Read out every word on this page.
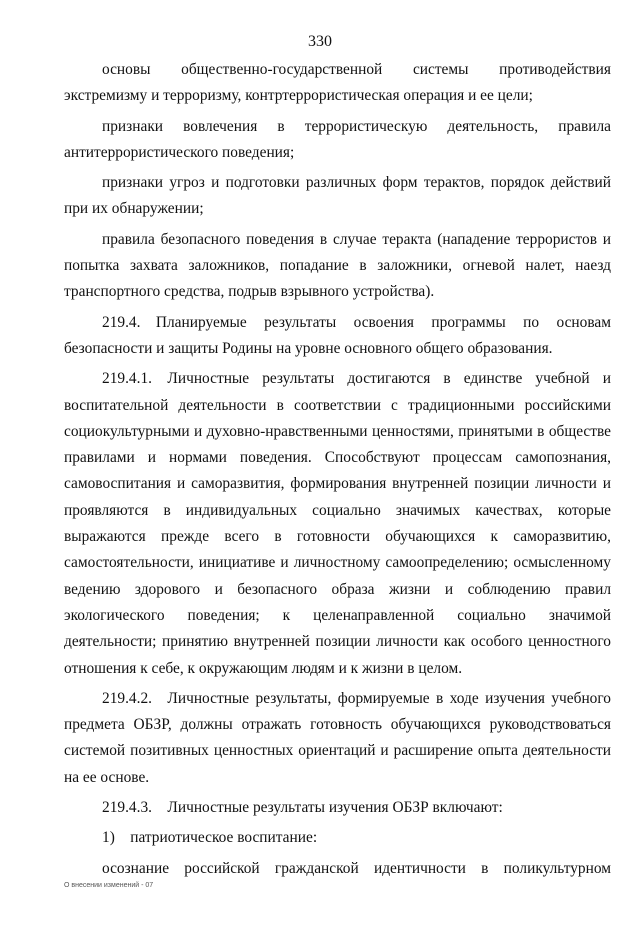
330

основы общественно-государственной системы противодействия экстремизму и терроризму, контртеррористическая операция и ее цели;

признаки вовлечения в террористическую деятельность, правила антитеррористического поведения;

признаки угроз и подготовки различных форм терактов, порядок действий при их обнаружении;

правила безопасного поведения в случае теракта (нападение террористов и попытка захвата заложников, попадание в заложники, огневой налет, наезд транспортного средства, подрыв взрывного устройства).

219.4. Планируемые результаты освоения программы по основам безопасности и защиты Родины на уровне основного общего образования.

219.4.1. Личностные результаты достигаются в единстве учебной и воспитательной деятельности в соответствии с традиционными российскими социокультурными и духовно-нравственными ценностями, принятыми в обществе правилами и нормами поведения. Способствуют процессам самопознания, самовоспитания и саморазвития, формирования внутренней позиции личности и проявляются в индивидуальных социально значимых качествах, которые выражаются прежде всего в готовности обучающихся к саморазвитию, самостоятельности, инициативе и личностному самоопределению; осмысленному ведению здорового и безопасного образа жизни и соблюдению правил экологического поведения; к целенаправленной социально значимой деятельности; принятию внутренней позиции личности как особого ценностного отношения к себе, к окружающим людям и к жизни в целом.

219.4.2. Личностные результаты, формируемые в ходе изучения учебного предмета ОБЗР, должны отражать готовность обучающихся руководствоваться системой позитивных ценностных ориентаций и расширение опыта деятельности на ее основе.

219.4.3. Личностные результаты изучения ОБЗР включают:

1) патриотическое воспитание:

осознание российской гражданской идентичности в поликультурном

О внесении изменений - 07
